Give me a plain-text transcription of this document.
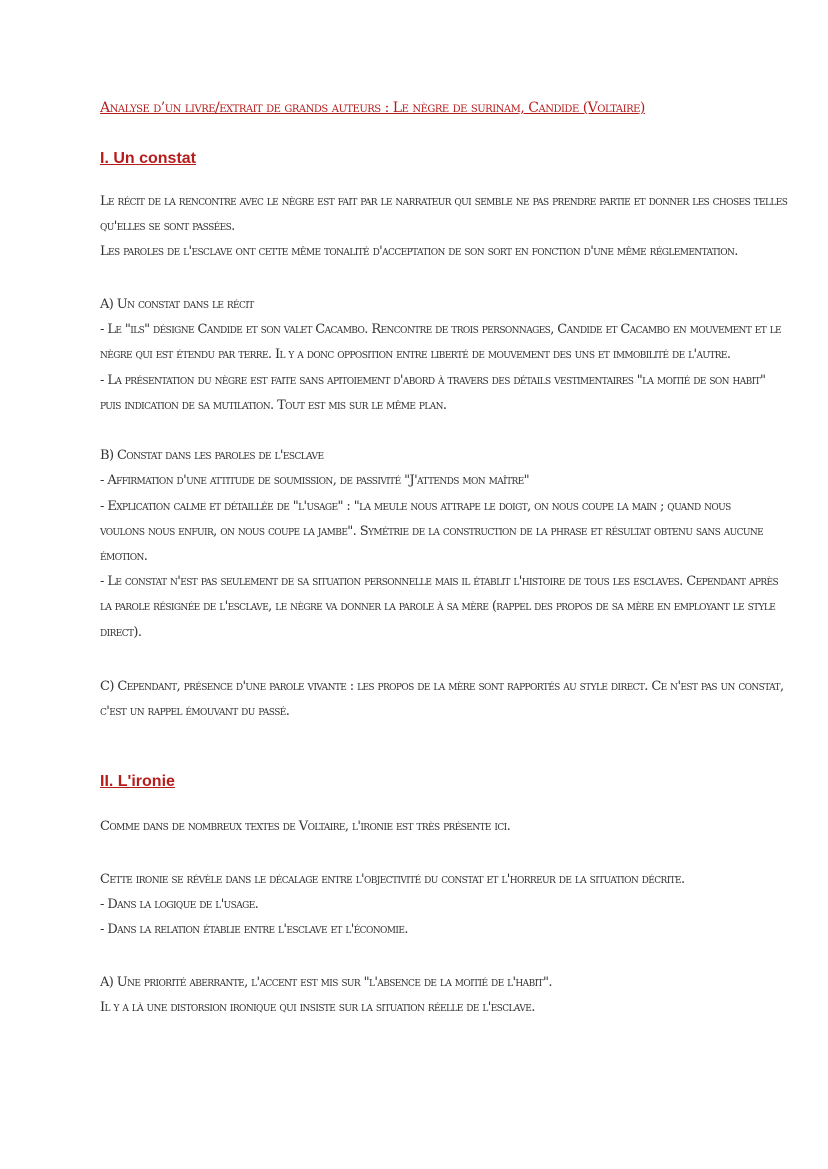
Analyse d’un livre/extrait de grands auteurs : Le nègre de surinam, Candide (Voltaire)
I. Un constat
Le récit de la rencontre avec le nègre est fait par le narrateur qui semble ne pas prendre partie et donner les choses telles
qu'elles se sont passées.
Les paroles de l'esclave ont cette même tonalité d'acceptation de son sort en fonction d'une même réglementation.
A) Un constat dans le récit
- Le "ils" désigne Candide et son valet Cacambo. Rencontre de trois personnages, Candide et Cacambo en mouvement et le
nègre qui est étendu par terre. Il y a donc opposition entre liberté de mouvement des uns et immobilité de l'autre.
- La présentation du nègre est faite sans apitoiement d'abord à travers des détails vestimentaires "la moitié de son habit"
puis indication de sa mutilation. Tout est mis sur le même plan.
B) Constat dans les paroles de l'esclave
- Affirmation d'une attitude de soumission, de passivité "J'attends mon maître"
- Explication calme et détaillée de "l'usage" : "la meule nous attrape le doigt, on nous coupe la main ; quand nous
voulons nous enfuir, on nous coupe la jambe". Symétrie de la construction de la phrase et résultat obtenu sans aucune
émotion.
- Le constat n'est pas seulement de sa situation personnelle mais il établit l'histoire de tous les esclaves. Cependant après
la parole résignée de l'esclave, le nègre va donner la parole à sa mère (rappel des propos de sa mère en employant le style
direct).
C) Cependant, présence d'une parole vivante : les propos de la mère sont rapportés au style direct. Ce n'est pas un constat,
c'est un rappel émouvant du passé.
II. L'ironie
Comme dans de nombreux textes de Voltaire, l'ironie est très présente ici.
Cette ironie se révèle dans le décalage entre l'objectivité du constat et l'horreur de la situation décrite.
- Dans la logique de l'usage.
- Dans la relation établie entre l'esclave et l'économie.
A) Une priorité aberrante, l'accent est mis sur "l'absence de la moitié de l'habit".
Il y a là une distorsion ironique qui insiste sur la situation réelle de l'esclave.
